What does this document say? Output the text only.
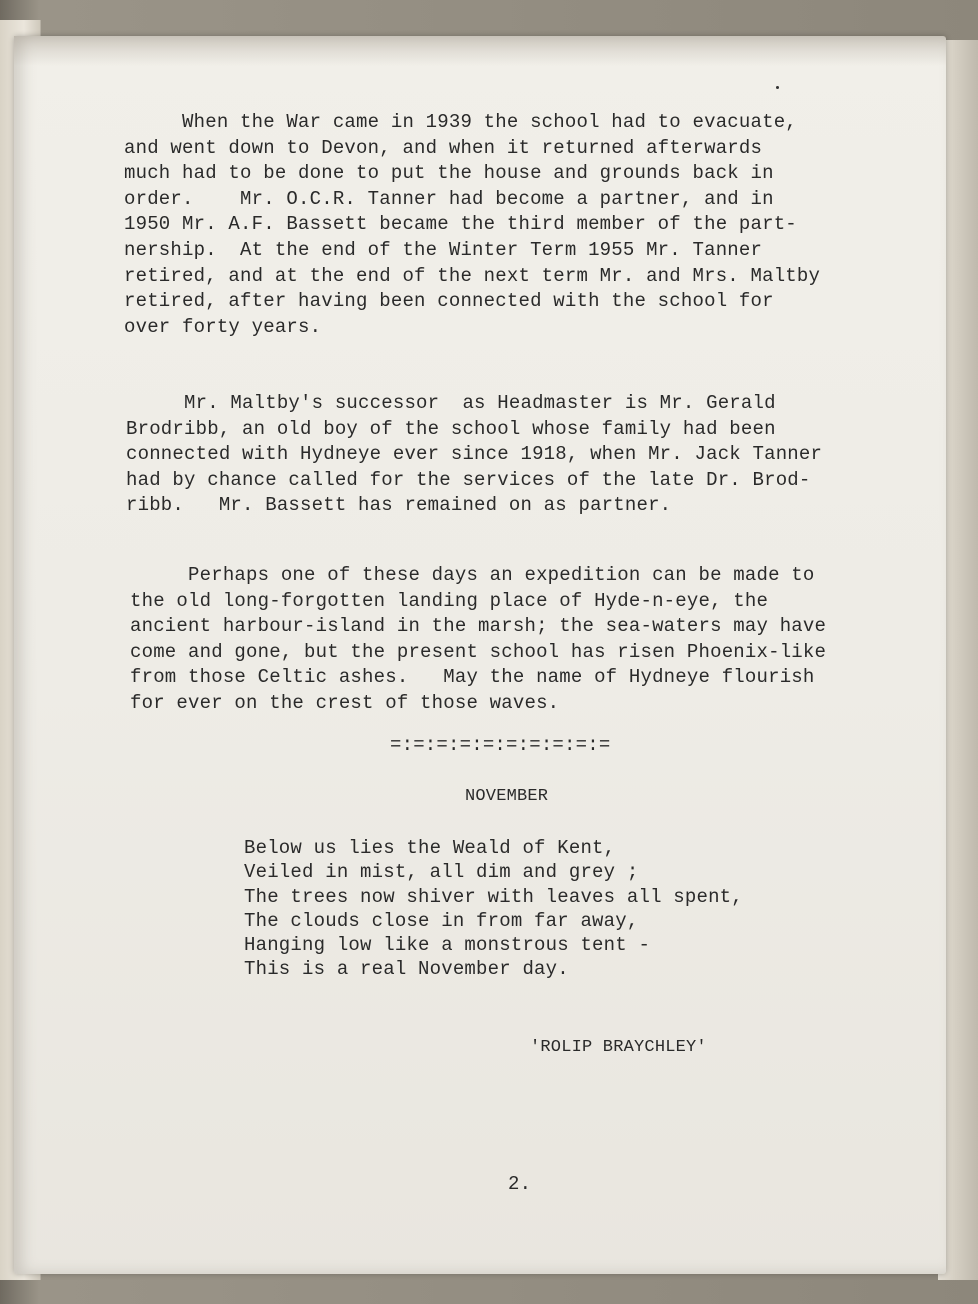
When the War came in 1939 the school had to evacuate,
and went down to Devon, and when it returned afterwards
much had to be done to put the house and grounds back in
order.    Mr. O.C.R. Tanner had become a partner, and in
1950 Mr. A.F. Bassett became the third member of the part-
nership.  At the end of the Winter Term 1955 Mr. Tanner
retired, and at the end of the next term Mr. and Mrs. Maltby
retired, after having been connected with the school for
over forty years.
Mr. Maltby's successor  as Headmaster is Mr. Gerald
Brodribb, an old boy of the school whose family had been
connected with Hydneye ever since 1918, when Mr. Jack Tanner
had by chance called for the services of the late Dr. Brod-
ribb.   Mr. Bassett has remained on as partner.
Perhaps one of these days an expedition can be made to
the old long-forgotten landing place of Hyde-n-eye, the
ancient harbour-island in the marsh; the sea-waters may have
come and gone, but the present school has risen Phoenix-like
from those Celtic ashes.   May the name of Hydneye flourish
for ever on the crest of those waves.
=:=:=:=:=:=:=:=:=:=
NOVEMBER
Below us lies the Weald of Kent,
Veiled in mist, all dim and grey ;
The trees now shiver with leaves all spent,
The clouds close in from far away,
Hanging low like a monstrous tent -
This is a real November day.
'ROLIP BRAYCHLEY'
2.
